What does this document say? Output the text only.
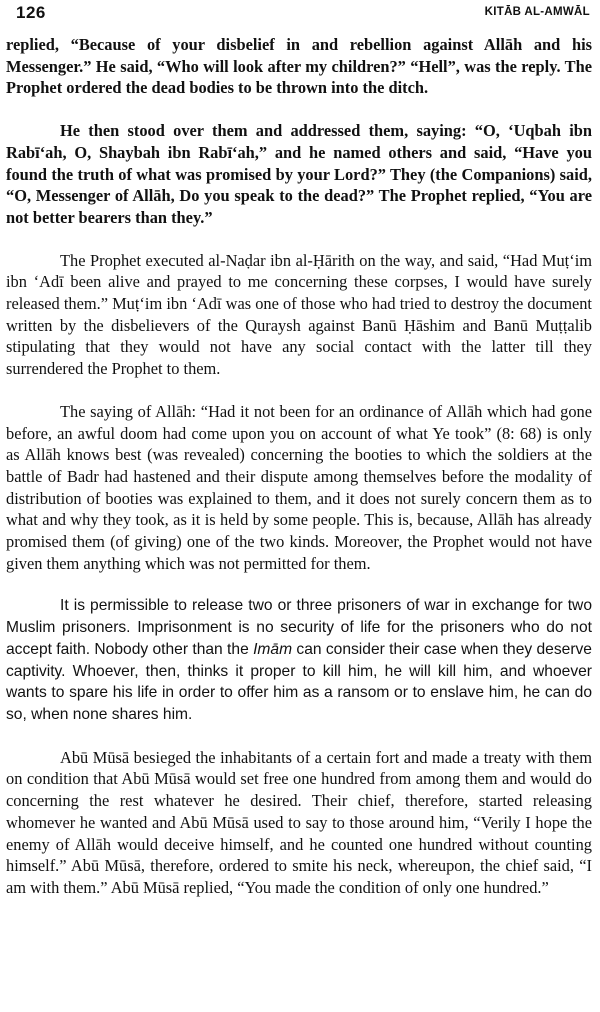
126	KITĀB AL-AMWĀL

replied, “Because of your disbelief in and rebellion against Allāh and his Messenger.” He said, “Who will look after my children?” “Hell”, was the reply. The Prophet ordered the dead bodies to be thrown into the ditch.

He then stood over them and addressed them, saying: “O, ‘Uqbah ibn Rabī‘ah, O, Shaybah ibn Rabī‘ah,” and he named others and said, “Have you found the truth of what was promised by your Lord?” They (the Companions) said, “O, Messenger of Allāh, Do you speak to the dead?” The Prophet replied, “You are not better bearers than they.”

The Prophet executed al-Naḍar ibn al-Ḥārith on the way, and said, “Had Muṭ‘im ibn ‘Adī been alive and prayed to me concerning these corpses, I would have surely released them.” Muṭ‘im ibn ‘Adī was one of those who had tried to destroy the document written by the disbelievers of the Quraysh against Banū Ḥāshim and Banū Muṭṭalib stipulating that they would not have any social contact with the latter till they surrendered the Prophet to them.

The saying of Allāh: “Had it not been for an ordinance of Allāh which had gone before, an awful doom had come upon you on account of what Ye took” (8: 68) is only as Allāh knows best (was revealed) concerning the booties to which the soldiers at the battle of Badr had hastened and their dispute among themselves before the modality of distribution of booties was explained to them, and it does not surely concern them as to what and why they took, as it is held by some people. This is, because, Allāh has already promised them (of giving) one of the two kinds. Moreover, the Prophet would not have given them anything which was not permitted for them.

It is permissible to release two or three prisoners of war in exchange for two Muslim prisoners. Imprisonment is no security of life for the prisoners who do not accept faith. Nobody other than the Imām can consider their case when they deserve captivity. Whoever, then, thinks it proper to kill him, he will kill him, and whoever wants to spare his life in order to offer him as a ransom or to enslave him, he can do so, when none shares him.

Abū Mūsā besieged the inhabitants of a certain fort and made a treaty with them on condition that Abū Mūsā would set free one hundred from among them and would do concerning the rest whatever he desired. Their chief, therefore, started releasing whomever he wanted and Abū Mūsā used to say to those around him, “Verily I hope the enemy of Allāh would deceive himself, and he counted one hundred without counting himself.” Abū Mūsā, therefore, ordered to smite his neck, whereupon, the chief said, “I am with them.” Abū Mūsā replied, “You made the condition of only one hundred.”
